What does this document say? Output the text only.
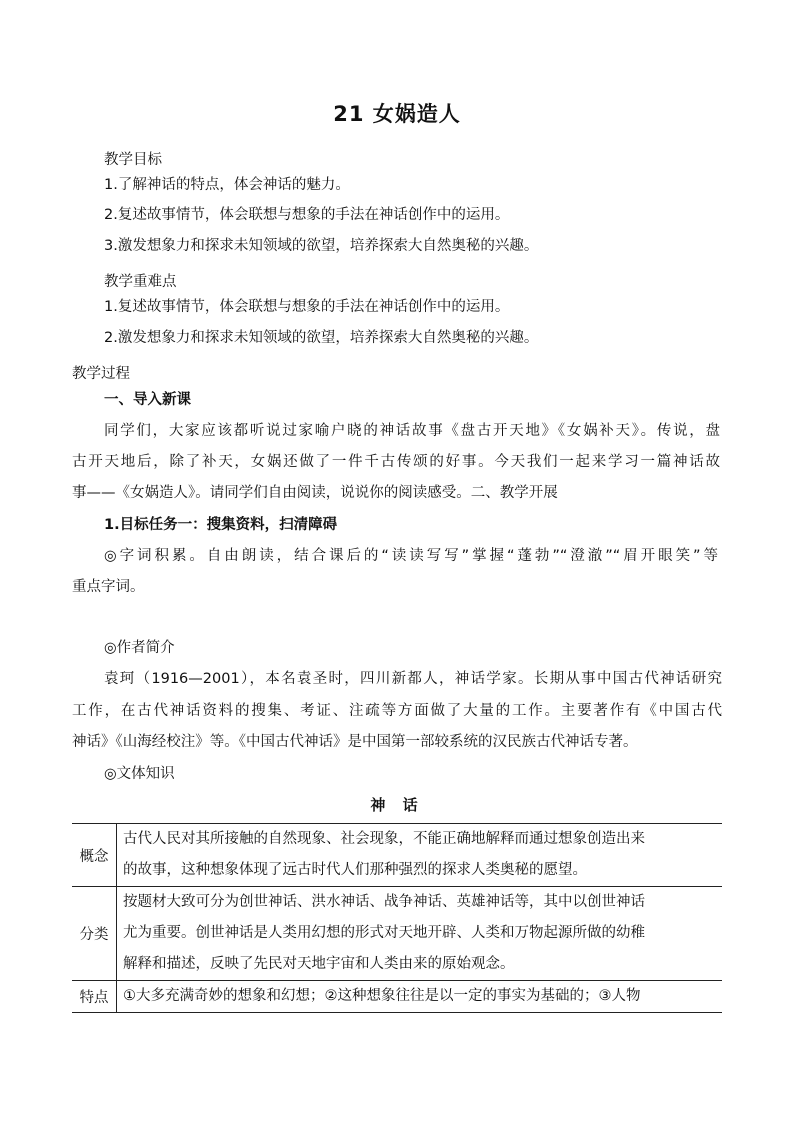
21 女娲造人
教学目标
1.了解神话的特点，体会神话的魅力。
2.复述故事情节，体会联想与想象的手法在神话创作中的运用。
3.激发想象力和探求未知领域的欲望，培养探索大自然奥秘的兴趣。
教学重难点
1.复述故事情节，体会联想与想象的手法在神话创作中的运用。
2.激发想象力和探求未知领域的欲望，培养探索大自然奥秘的兴趣。
教学过程
一、导入新课
同学们，大家应该都听说过家喻户晓的神话故事《盘古开天地》《女娲补天》。传说，盘
古开天地后，除了补天，女娲还做了一件千古传颂的好事。今天我们一起来学习一篇神话故
事——《女娲造人》。请同学们自由阅读，说说你的阅读感受。二、教学开展
1.目标任务一：搜集资料，扫清障碍
◎字词积累。自由朗读，结合课后的“读读写写”掌握“蓬勃”“澄澈”“眉开眼笑”等
重点字词。
◎作者简介
袁珂（1916—2001），本名袁圣时，四川新都人，神话学家。长期从事中国古代神话研究
工作，在古代神话资料的搜集、考证、注疏等方面做了大量的工作。主要著作有《中国古代
神话》《山海经校注》等。《中国古代神话》是中国第一部较系统的汉民族古代神话专著。
◎文体知识
神 话
概念	古代人民对其所接触的自然现象、社会现象，不能正确地解释而通过想象创造出来
的故事，这种想象体现了远古时代人们那种强烈的探求人类奥秘的愿望。

分类	按题材大致可分为创世神话、洪水神话、战争神话、英雄神话等，其中以创世神话
尤为重要。创世神话是人类用幻想的形式对天地开辟、人类和万物起源所做的幼稚
解释和描述，反映了先民对天地宇宙和人类由来的原始观念。

特点	①大多充满奇妙的想象和幻想；②这种想象往往是以一定的事实为基础的；③人物
